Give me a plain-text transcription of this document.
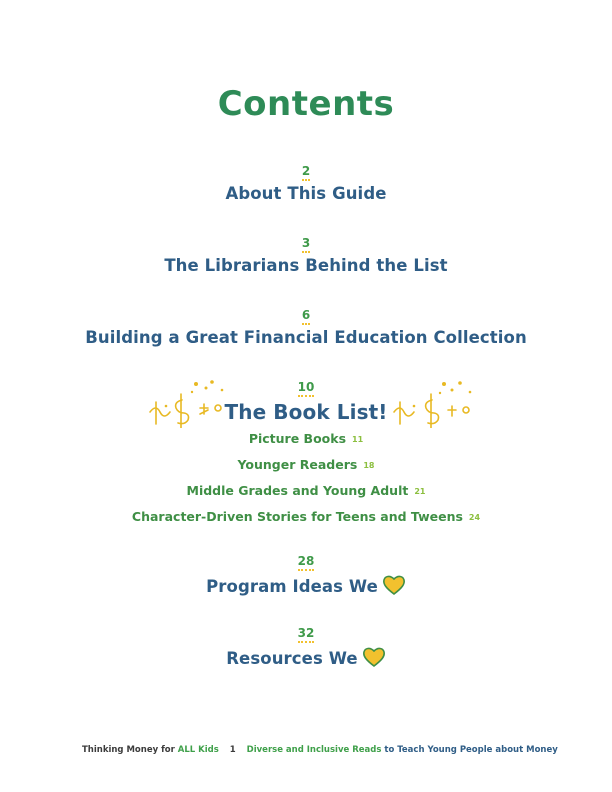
Contents
2
About This Guide
3
The Librarians Behind the List
6
Building a Great Financial Education Collection
10
The Book List!
Picture Books 11
Younger Readers 18
Middle Grades and Young Adult 21
Character-Driven Stories for Teens and Tweens 24
28
Program Ideas We
32
Resources We
Thinking Money for ALL Kids 1 Diverse and Inclusive Reads to Teach Young People about Money
